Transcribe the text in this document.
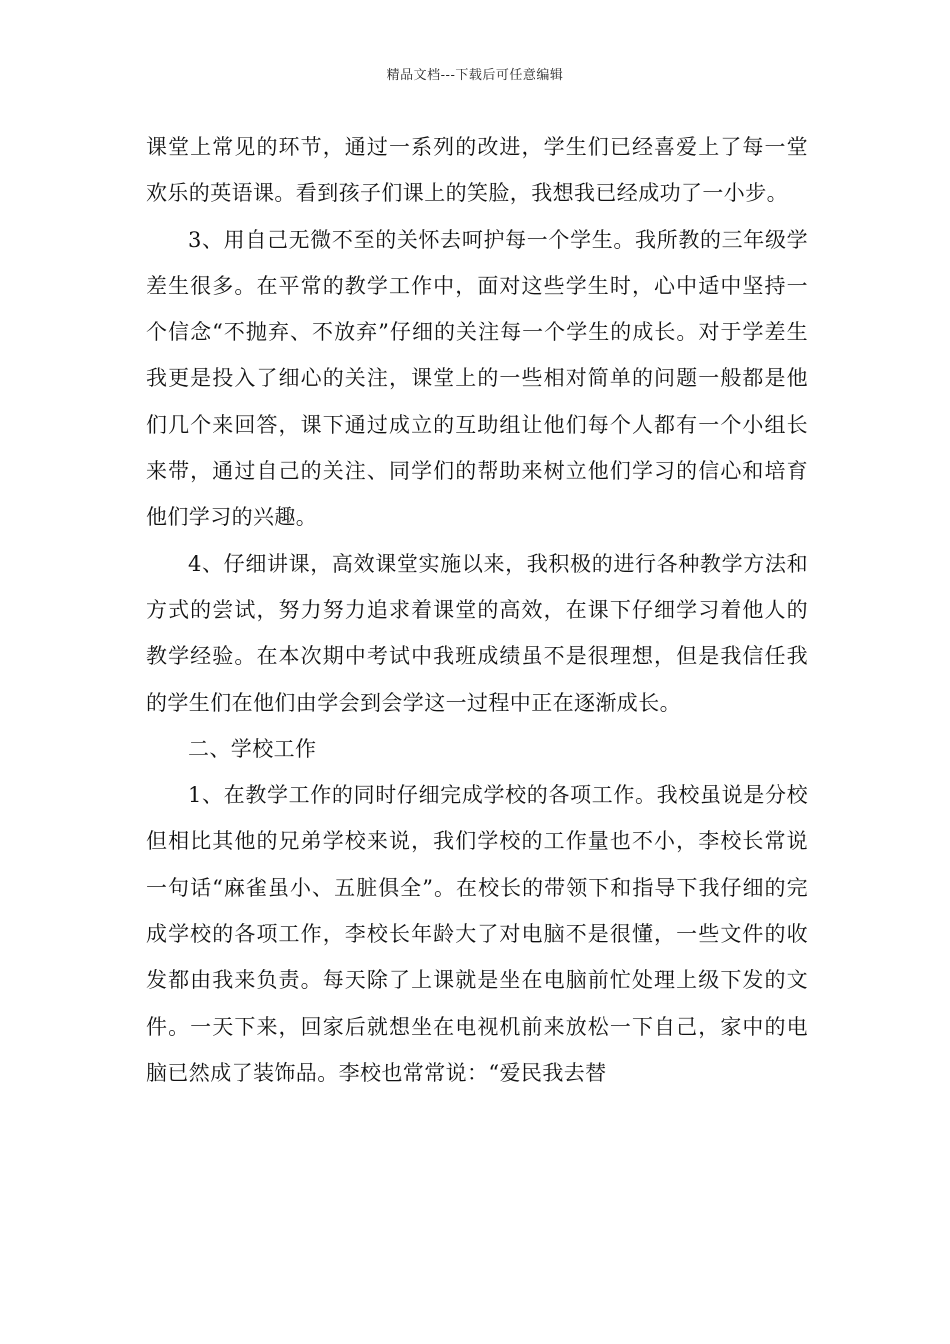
精品文档---下载后可任意编辑

课堂上常见的环节，通过一系列的改进，学生们已经喜爱上了每一堂欢乐的英语课。看到孩子们课上的笑脸，我想我已经成功了一小步。

3、用自己无微不至的关怀去呵护每一个学生。我所教的三年级学差生很多。在平常的教学工作中，面对这些学生时，心中适中坚持一个信念“不抛弃、不放弃”仔细的关注每一个学生的成长。对于学差生我更是投入了细心的关注，课堂上的一些相对简单的问题一般都是他们几个来回答，课下通过成立的互助组让他们每个人都有一个小组长来带，通过自己的关注、同学们的帮助来树立他们学习的信心和培育他们学习的兴趣。

4、仔细讲课，高效课堂实施以来，我积极的进行各种教学方法和方式的尝试，努力努力追求着课堂的高效，在课下仔细学习着他人的教学经验。在本次期中考试中我班成绩虽不是很理想，但是我信任我的学生们在他们由学会到会学这一过程中正在逐渐成长。

二、学校工作

1、在教学工作的同时仔细完成学校的各项工作。我校虽说是分校但相比其他的兄弟学校来说，我们学校的工作量也不小，李校长常说一句话“麻雀虽小、五脏俱全”。在校长的带领下和指导下我仔细的完成学校的各项工作，李校长年龄大了对电脑不是很懂，一些文件的收发都由我来负责。每天除了上课就是坐在电脑前忙处理上级下发的文件。一天下来，回家后就想坐在电视机前来放松一下自己，家中的电脑已然成了装饰品。李校也常常说：“爱民我去替
